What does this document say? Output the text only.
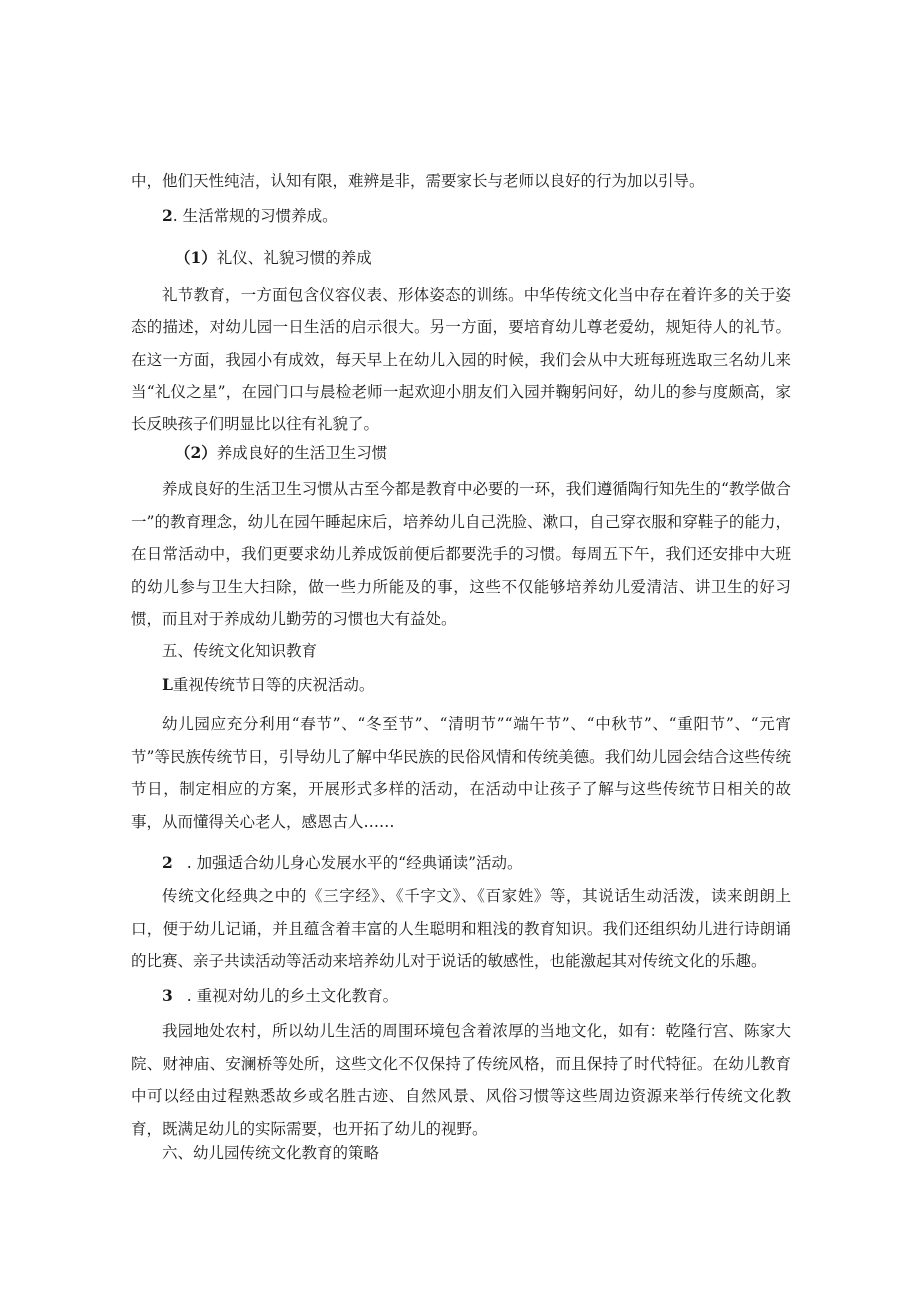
中，他们天性纯洁，认知有限，难辨是非，需要家长与老师以良好的行为加以引导。
2. 生活常规的习惯养成。
（1）礼仪、礼貌习惯的养成
礼节教育，一方面包含仪容仪表、形体姿态的训练。中华传统文化当中存在着许多的关于姿态的描述，对幼儿园一日生活的启示很大。另一方面，要培育幼儿尊老爱幼，规矩待人的礼节。在这一方面，我园小有成效，每天早上在幼儿入园的时候，我们会从中大班每班选取三名幼儿来当“礼仪之星”，在园门口与晨检老师一起欢迎小朋友们入园并鞠躬问好，幼儿的参与度颇高，家长反映孩子们明显比以往有礼貌了。
（2）养成良好的生活卫生习惯
养成良好的生活卫生习惯从古至今都是教育中必要的一环，我们遵循陶行知先生的“教学做合一”的教育理念，幼儿在园午睡起床后，培养幼儿自己洗脸、漱口，自己穿衣服和穿鞋子的能力，在日常活动中，我们更要求幼儿养成饭前便后都要洗手的习惯。每周五下午，我们还安排中大班的幼儿参与卫生大扫除，做一些力所能及的事，这些不仅能够培养幼儿爱清洁、讲卫生的好习惯，而且对于养成幼儿勤劳的习惯也大有益处。
五、传统文化知识教育
L重视传统节日等的庆祝活动。
幼儿园应充分利用“春节”、“冬至节”、“清明节”“端午节”、“中秋节”、“重阳节”、“元宵节”等民族传统节日，引导幼儿了解中华民族的民俗风情和传统美德。我们幼儿园会结合这些传统节日，制定相应的方案，开展形式多样的活动，在活动中让孩子了解与这些传统节日相关的故事，从而懂得关心老人，感恩古人……
2 . 加强适合幼儿身心发展水平的“经典诵读”活动。
传统文化经典之中的《三字经》、《千字文》、《百家姓》等，其说话生动活泼，读来朗朗上口，便于幼儿记诵，并且蕴含着丰富的人生聪明和粗浅的教育知识。我们还组织幼儿进行诗朗诵的比赛、亲子共读活动等活动来培养幼儿对于说话的敏感性，也能激起其对传统文化的乐趣。
3 . 重视对幼儿的乡土文化教育。
我园地处农村，所以幼儿生活的周围环境包含着浓厚的当地文化，如有：乾隆行宫、陈家大院、财神庙、安澜桥等处所，这些文化不仅保持了传统风格，而且保持了时代特征。在幼儿教育中可以经由过程熟悉故乡或名胜古迹、自然风景、风俗习惯等这些周边资源来举行传统文化教育，既满足幼儿的实际需要，也开拓了幼儿的视野。
六、幼儿园传统文化教育的策略
